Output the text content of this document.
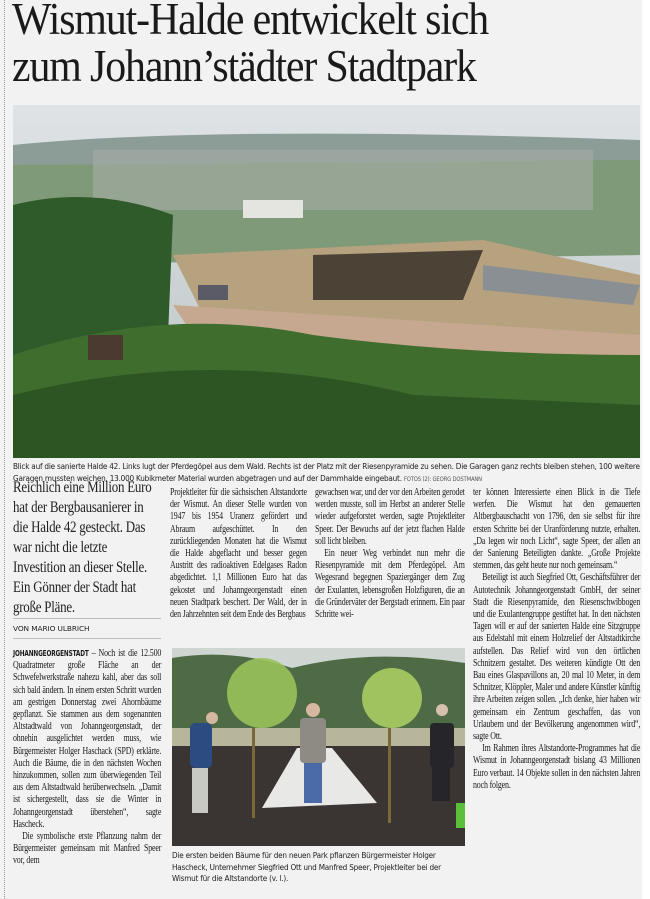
Wismut-Halde entwickelt sich
zum Johann’städter Stadtpark
Blick auf die sanierte Halde 42. Links lugt der Pferdegöpel aus dem Wald. Rechts ist der Platz mit der Riesenpyramide zu sehen. Die Garagen ganz rechts bleiben stehen, 100 weitere Garagen mussten weichen. 13.000 Kubikmeter Material wurden abgetragen und auf der Dammhalde eingebaut. FOTOS (2): GEORG DOSTMANN
Reichlich eine Million Euro hat der Bergbausanierer in die Halde 42 gesteckt. Das war nicht die letzte Investition an dieser Stelle. Ein Gönner der Stadt hat große Pläne.
VON MARIO ULBRICH

JOHANNGEORGENSTADT – Noch ist die 12.500 Quadratmeter große Fläche an der Schwefelwerkstraße nahezu kahl, aber das soll sich bald ändern. In einem ersten Schritt wurden am gestrigen Donnerstag zwei Ahornbäume gepflanzt. Sie stammen aus dem sogenannten Altstadtwald von Johanngeorgenstadt, der ohnehin ausgelichtet werden muss, wie Bürgermeister Holger Haschack (SPD) erklärte. Auch die Bäume, die in den nächsten Wochen hinzukommen, sollen zum überwiegenden Teil aus dem Altstadtwald herüberwechseln. „Damit ist sichergestellt, dass sie die Winter in Johanngeorgenstadt überstehen“, sagte Hascheck.

Die symbolische erste Pflanzung nahm der Bürgermeister gemeinsam mit Manfred Speer vor, dem

Projektleiter für die sächsischen Altstandorte der Wismut. An dieser Stelle wurden von 1947 bis 1954 Uranerz gefördert und Abraum aufgeschüttet. In den zurückliegenden Monaten hat die Wismut die Halde abgeflacht und besser gegen Austritt des radioaktiven Edelgases Radon abgedichtet. 1,1 Millionen Euro hat das gekostet und Johanngeorgenstadt einen neuen Stadtpark beschert. Der Wald, der in den Jahrzehnten seit dem Ende des Bergbaus

gewachsen war, und der vor den Arbeiten gerodet werden musste, soll im Herbst an anderer Stelle wieder aufgeforstet werden, sagte Projektleiter Speer. Der Bewuchs auf der jetzt flachen Halde soll licht bleiben.

Ein neuer Weg verbindet nun mehr die Riesenpyramide mit dem Pferdegöpel. Am Wegesrand begegnen Spaziergänger dem Zug der Exulanten, lebensgroßen Holzfiguren, die an die Gründerväter der Bergstadt erinnern. Ein paar Schritte wei-

ter können Interessierte einen Blick in die Tiefe werfen. Die Wismut hat den gemauerten Altbergbauschacht von 1796, den sie selbst für ihre ersten Schritte bei der Uranförderung nutzte, erhalten. „Da legen wir noch Licht“, sagte Speer, der allen an der Sanierung Beteiligten dankte. „Große Projekte stemmen, das geht heute nur noch gemeinsam.“

Beteiligt ist auch Siegfried Ott, Geschäftsführer der Autotechnik Johanngeorgenstadt GmbH, der seiner Stadt die Riesenpyramide, den Riesenschwibbogen und die Exulantengruppe gestiftet hat. In den nächsten Tagen will er auf der sanierten Halde eine Sitzgruppe aus Edelstahl mit einem Holzrelief der Altstadtkirche aufstellen. Das Relief wird von den örtlichen Schnitzern gestaltet. Des weiteren kündigte Ott den Bau eines Glaspavillons an, 20 mal 10 Meter, in dem Schnitzer, Klöppler, Maler und andere Künstler künftig ihre Arbeiten zeigen sollen. „Ich denke, hier haben wir gemeinsam ein Zentrum geschaffen, das von Urlaubern und der Bevölkerung angenommen wird“, sagte Ott.

Im Rahmen ihres Altstandorte-Programmes hat die Wismut in Johanngeorgenstadt bislang 43 Millionen Euro verbaut. 14 Objekte sollen in den nächsten Jahren noch folgen.

Die ersten beiden Bäume für den neuen Park pflanzen Bürgermeister Holger Hascheck, Unternehmer Siegfried Ott und Manfred Speer, Projektleiter bei der Wismut für die Altstandorte (v. l.).
